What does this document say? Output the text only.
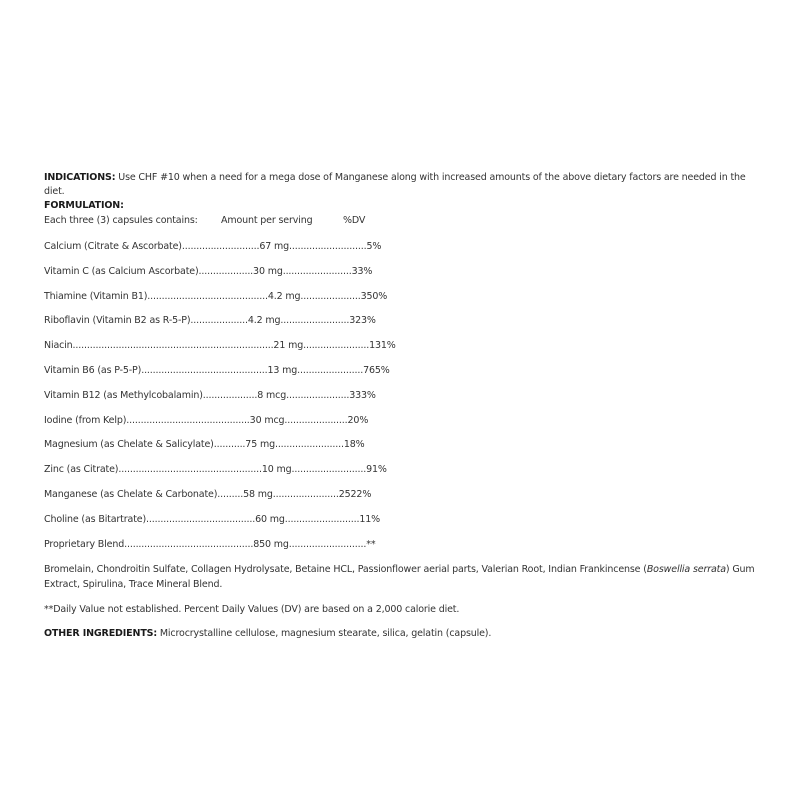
INDICATIONS: Use CHF #10 when a need for a mega dose of Manganese along with increased amounts of the above dietary factors are needed in the diet.
FORMULATION:
Each three (3) capsules contains: Amount per serving	%DV
Calcium (Citrate & Ascorbate)...........................67 mg...........................5%
Vitamin C (as Calcium Ascorbate)...................30 mg........................33%
Thiamine (Vitamin B1)..........................................4.2 mg.....................350%
Riboflavin (Vitamin B2 as R-5-P)....................4.2 mg........................323%
Niacin......................................................................21 mg.......................131%
Vitamin B6 (as P-5-P)............................................13 mg.......................765%
Vitamin B12 (as Methylcobalamin)...................8 mcg......................333%
Iodine (from Kelp)...........................................30 mcg......................20%
Magnesium (as Chelate & Salicylate)...........75 mg........................18%
Zinc (as Citrate)..................................................10 mg..........................91%
Manganese (as Chelate & Carbonate).........58 mg.......................2522%
Choline (as Bitartrate)......................................60 mg..........................11%
Proprietary Blend.............................................850 mg...........................**
Bromelain, Chondroitin Sulfate, Collagen Hydrolysate, Betaine HCL, Passionflower aerial parts, Valerian Root, Indian Frankincense (Boswellia serrata) Gum Extract, Spirulina, Trace Mineral Blend.
**Daily Value not established. Percent Daily Values (DV) are based on a 2,000 calorie diet.
OTHER INGREDIENTS: Microcrystalline cellulose, magnesium stearate, silica, gelatin (capsule).
